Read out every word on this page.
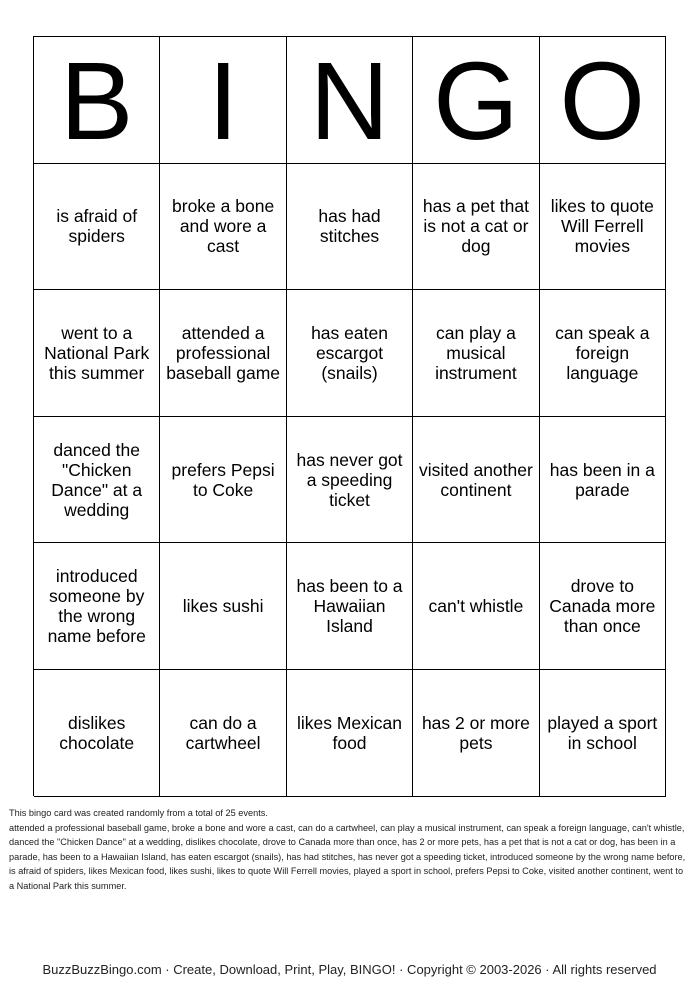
B I N G O
is afraid of spiders
broke a bone and wore a cast
has had stitches
has a pet that is not a cat or dog
likes to quote Will Ferrell movies
went to a National Park this summer
attended a professional baseball game
has eaten escargot (snails)
can play a musical instrument
can speak a foreign language
danced the "Chicken Dance" at a wedding
prefers Pepsi to Coke
has never got a speeding ticket
visited another continent
has been in a parade
introduced someone by the wrong name before
likes sushi
has been to a Hawaiian Island
can't whistle
drove to Canada more than once
dislikes chocolate
can do a cartwheel
likes Mexican food
has 2 or more pets
played a sport in school
This bingo card was created randomly from a total of 25 events.
attended a professional baseball game, broke a bone and wore a cast, can do a cartwheel, can play a musical instrument, can speak a foreign language, can't whistle, danced the "Chicken Dance" at a wedding, dislikes chocolate, drove to Canada more than once, has 2 or more pets, has a pet that is not a cat or dog, has been in a parade, has been to a Hawaiian Island, has eaten escargot (snails), has had stitches, has never got a speeding ticket, introduced someone by the wrong name before, is afraid of spiders, likes Mexican food, likes sushi, likes to quote Will Ferrell movies, played a sport in school, prefers Pepsi to Coke, visited another continent, went to a National Park this summer.
BuzzBuzzBingo.com · Create, Download, Print, Play, BINGO! · Copyright © 2003-2026 · All rights reserved
